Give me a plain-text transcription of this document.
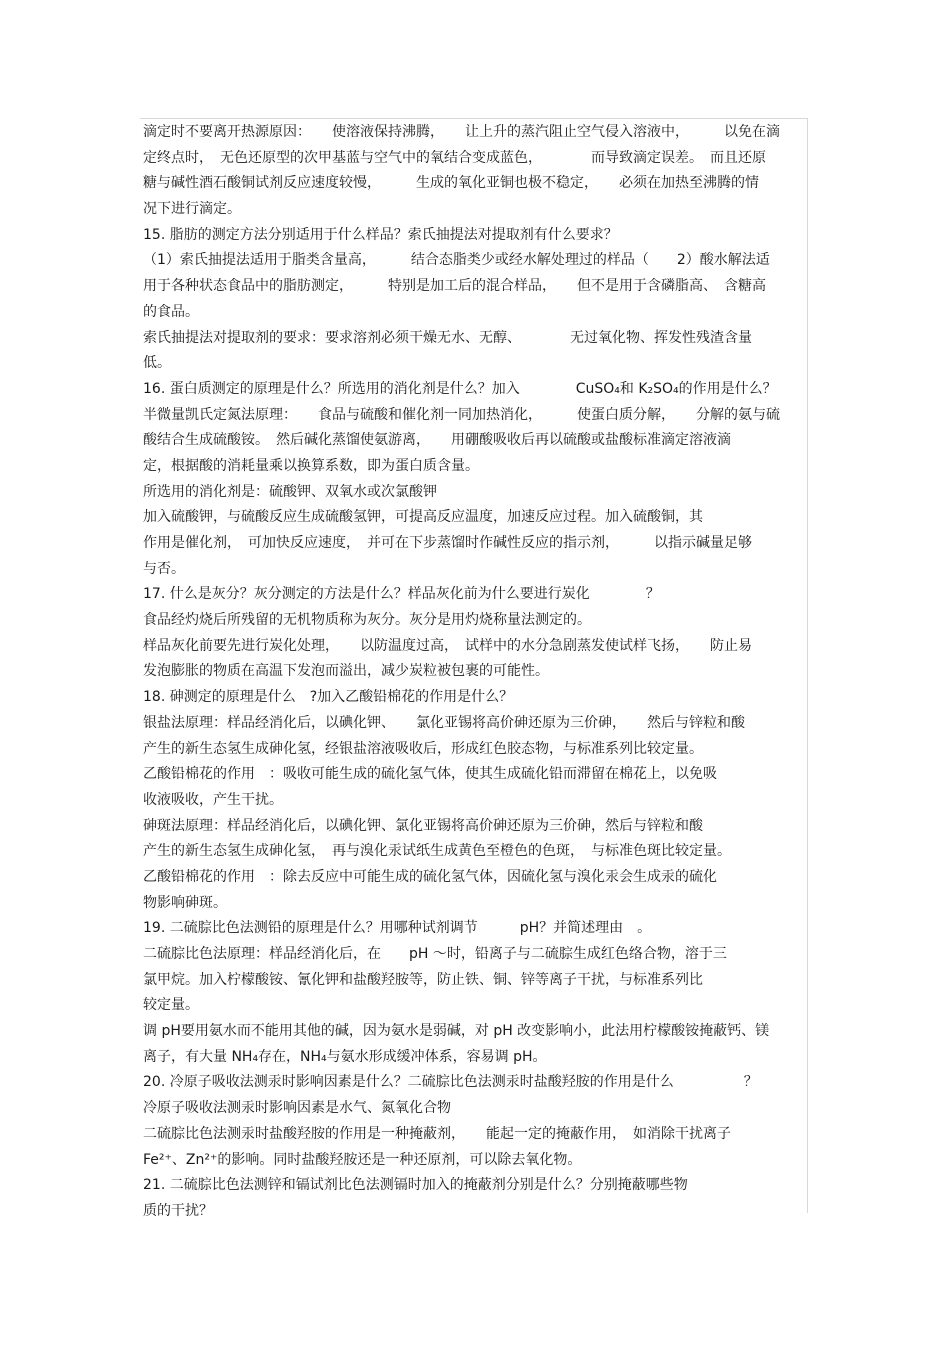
滴定时不要离开热源原因：　　使溶液保持沸腾，　　让上升的蒸汽阻止空气侵入溶液中，　　　以免在滴
定终点时，　无色还原型的次甲基蓝与空气中的氧结合变成蓝色，　　　　而导致滴定误差。　而且还原
糖与碱性酒石酸铜试剂反应速度较慢，　　　生成的氧化亚铜也极不稳定，　　必须在加热至沸腾的情
况下进行滴定。
15. 脂肪的测定方法分别适用于什么样品？索氏抽提法对提取剂有什么要求？
（1）索氏抽提法适用于脂类含量高，　　　结合态脂类少或经水解处理过的样品（　　2）酸水解法适
用于各种状态食品中的脂肪测定，　　　特别是加工后的混合样品，　　但不是用于含磷脂高、　含糖高
的食品。
索氏抽提法对提取剂的要求：要求溶剂必须干燥无水、无醇、　　　　无过氧化物、挥发性残渣含量
低。
16. 蛋白质测定的原理是什么？所选用的消化剂是什么？加入　　　　CuSO₄和 K₂SO₄的作用是什么？
半微量凯氏定氮法原理：　　食品与硫酸和催化剂一同加热消化，　　　使蛋白质分解，　　分解的氨与硫
酸结合生成硫酸铵。　然后碱化蒸馏使氨游离，　　用硼酸吸收后再以硫酸或盐酸标准滴定溶液滴
定，根据酸的消耗量乘以换算系数，即为蛋白质含量。
所选用的消化剂是：硫酸钾、双氧水或次氯酸钾
加入硫酸钾，与硫酸反应生成硫酸氢钾，可提高反应温度，加速反应过程。加入硫酸铜，其
作用是催化剂，　可加快反应速度，　并可在下步蒸馏时作碱性反应的指示剂，　　　以指示碱量足够
与否。
17. 什么是灰分？灰分测定的方法是什么？样品灰化前为什么要进行炭化　　　　？
食品经灼烧后所残留的无机物质称为灰分。灰分是用灼烧称量法测定的。
样品灰化前要先进行炭化处理，　　以防温度过高，　试样中的水分急剧蒸发使试样飞扬，　　防止易
发泡膨胀的物质在高温下发泡而溢出，减少炭粒被包裹的可能性。
18. 砷测定的原理是什么　?加入乙酸铅棉花的作用是什么？
银盐法原理：样品经消化后，以碘化钾、　　氯化亚锡将高价砷还原为三价砷，　　然后与锌粒和酸
产生的新生态氢生成砷化氢，经银盐溶液吸收后，形成红色胶态物，与标准系列比较定量。
乙酸铅棉花的作用　：吸收可能生成的硫化氢气体，使其生成硫化铅而滞留在棉花上，以免吸
收液吸收，产生干扰。
砷斑法原理：样品经消化后，以碘化钾、氯化亚锡将高价砷还原为三价砷，然后与锌粒和酸
产生的新生态氢生成砷化氢，　再与溴化汞试纸生成黄色至橙色的色斑，　与标准色斑比较定量。
乙酸铅棉花的作用　：除去反应中可能生成的硫化氢气体，因硫化氢与溴化汞会生成汞的硫化
物影响砷斑。
19. 二硫腙比色法测铅的原理是什么？用哪种试剂调节　　　pH？并简述理由　。
二硫腙比色法原理：样品经消化后，在　　pH ～时，铅离子与二硫腙生成红色络合物，溶于三
氯甲烷。加入柠檬酸铵、氰化钾和盐酸羟胺等，防止铁、铜、锌等离子干扰，与标准系列比
较定量。
调 pH要用氨水而不能用其他的碱，因为氨水是弱碱，对 pH 改变影响小，此法用柠檬酸铵掩蔽钙、镁
离子，有大量 NH₄存在，NH₄与氨水形成缓冲体系，容易调 pH。
20. 冷原子吸收法测汞时影响因素是什么？二硫腙比色法测汞时盐酸羟胺的作用是什么　　　　　？
冷原子吸收法测汞时影响因素是水气、氮氧化合物
二硫腙比色法测汞时盐酸羟胺的作用是一种掩蔽剂，　　能起一定的掩蔽作用，　如消除干扰离子
Fe²⁺、Zn²⁺的影响。同时盐酸羟胺还是一种还原剂，可以除去氧化物。
21. 二硫腙比色法测锌和镉试剂比色法测镉时加入的掩蔽剂分别是什么？分别掩蔽哪些物
质的干扰？
